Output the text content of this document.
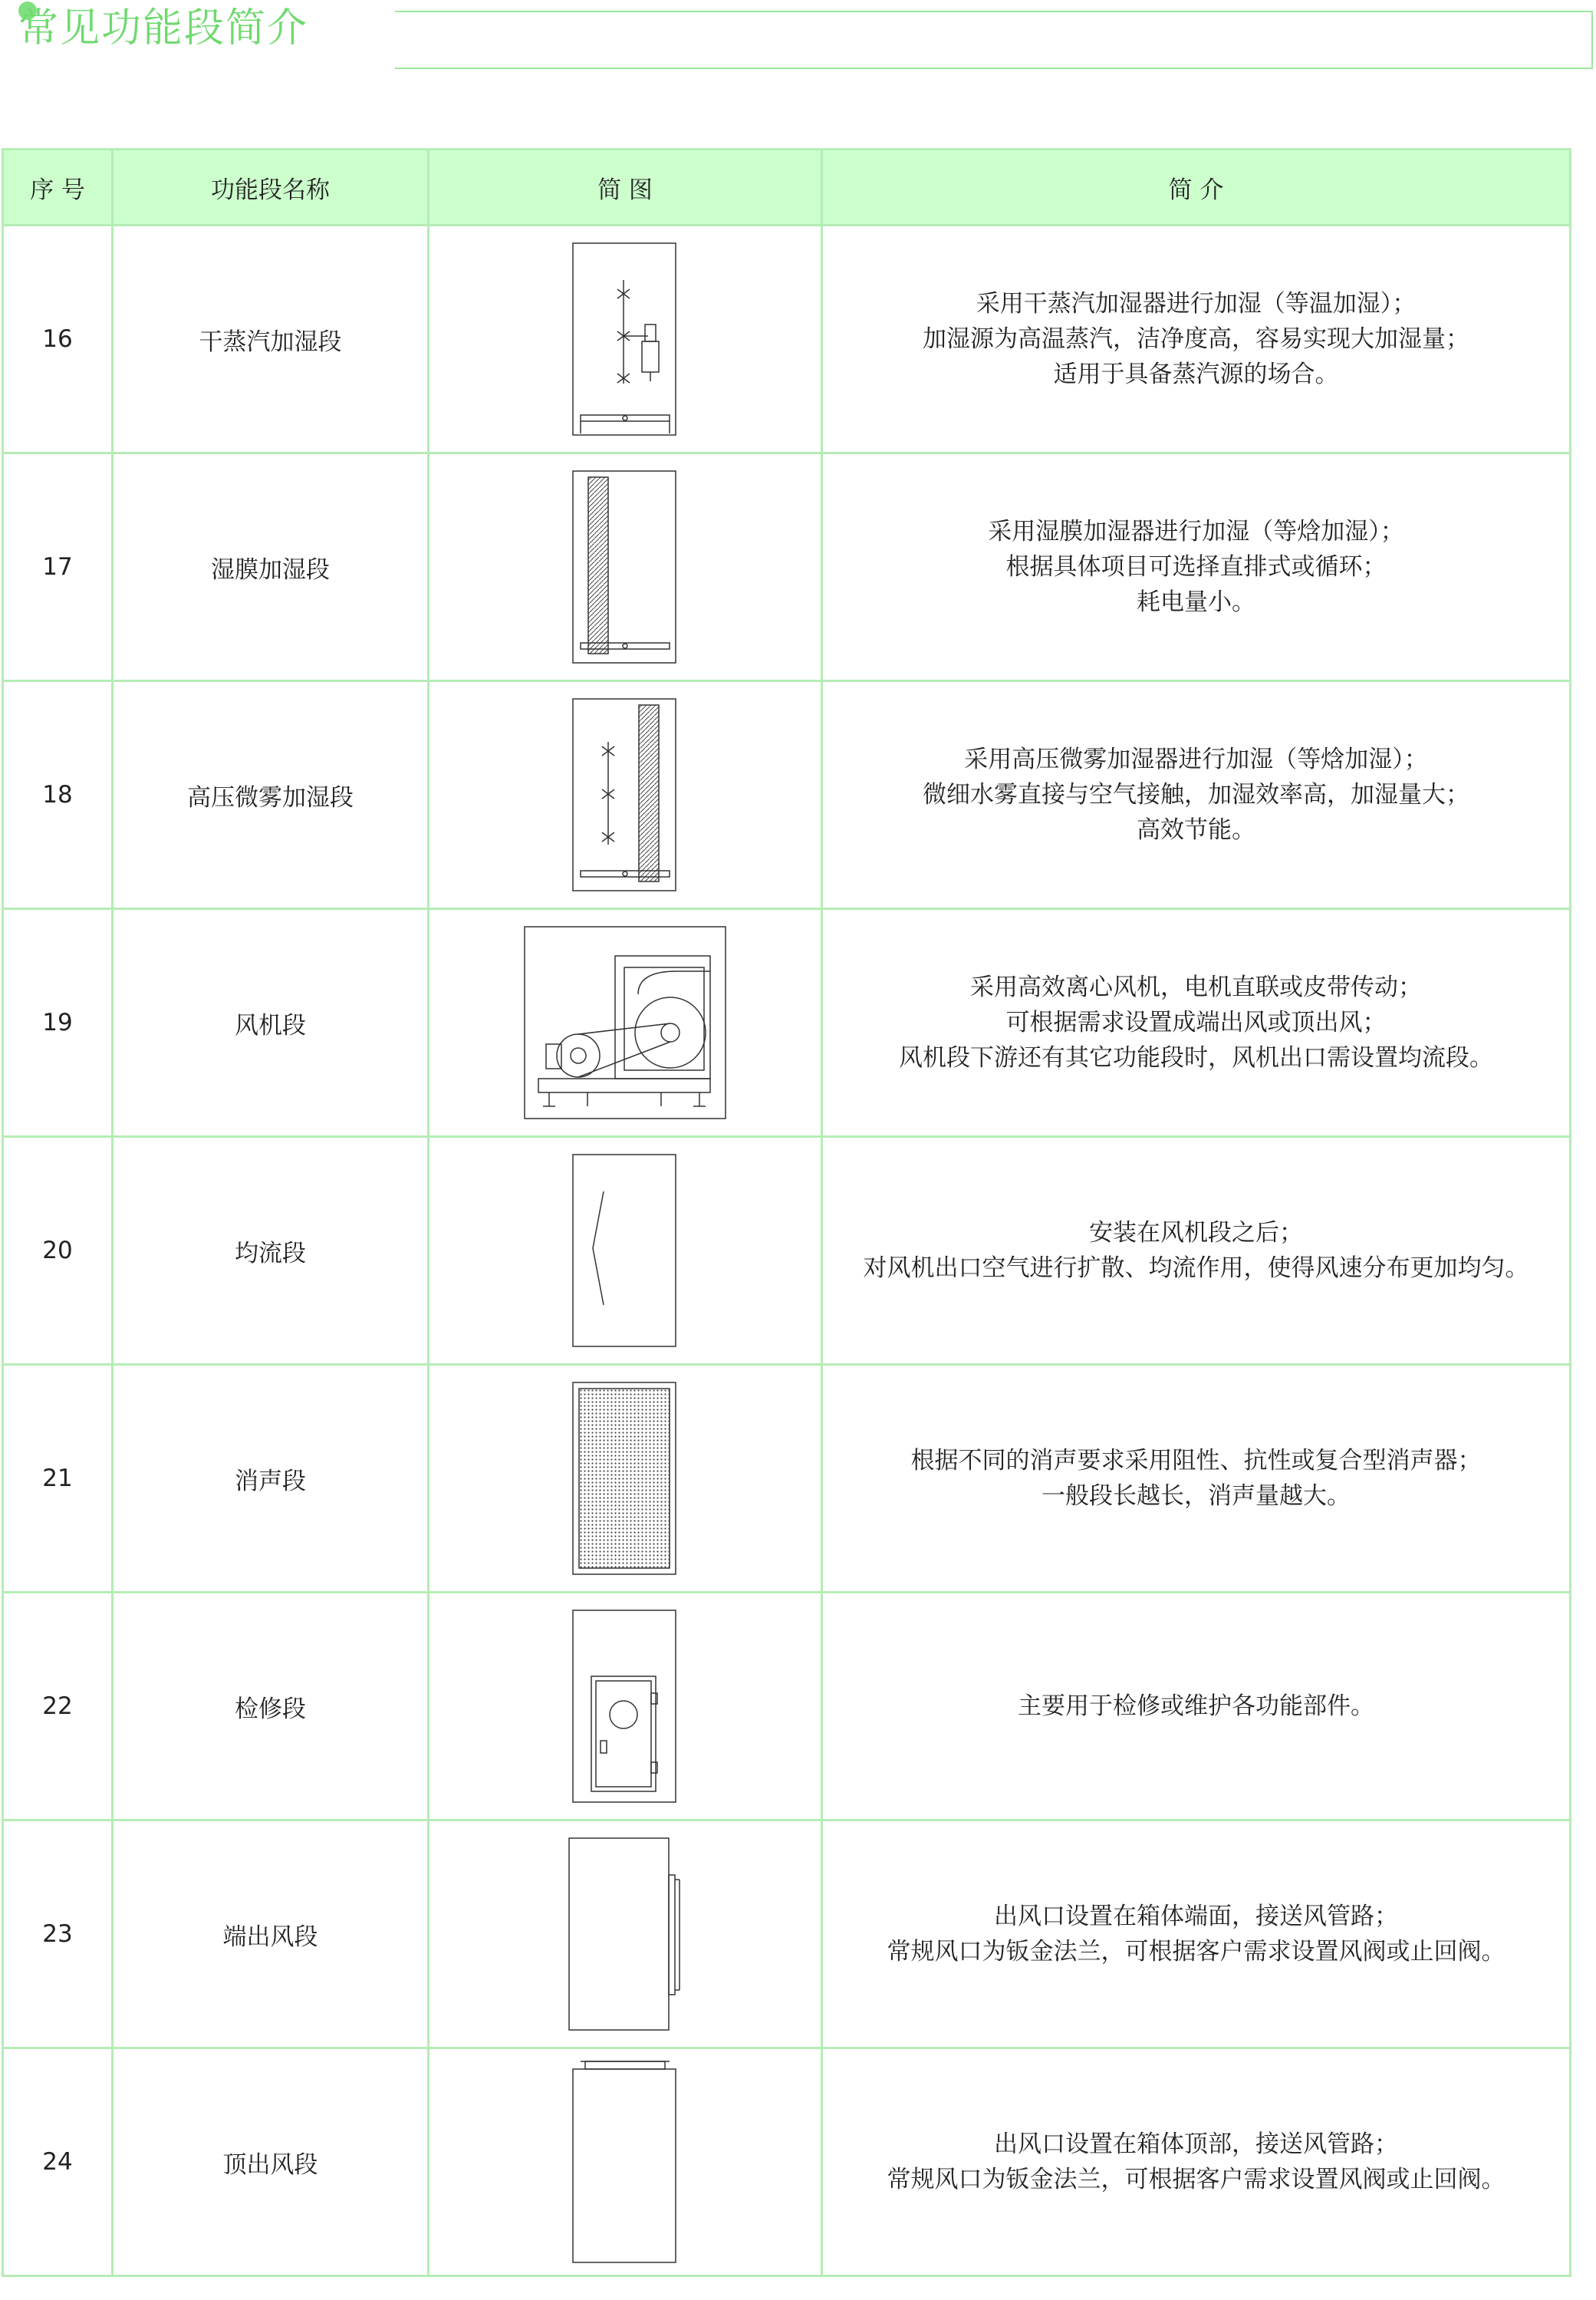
常见功能段简介
序 号	功能段名称	简 图	简 介
16	干蒸汽加湿段		采用干蒸汽加湿器进行加湿（等温加湿）；
加湿源为高温蒸汽，洁净度高，容易实现大加湿量；
适用于具备蒸汽源的场合。

17	湿膜加湿段		采用湿膜加湿器进行加湿（等焓加湿）；
根据具体项目可选择直排式或循环；
耗电量小。

18	高压微雾加湿段		采用高压微雾加湿器进行加湿（等焓加湿）；
微细水雾直接与空气接触，加湿效率高，加湿量大；
高效节能。

19	风机段		采用高效离心风机，电机直联或皮带传动；
可根据需求设置成端出风或顶出风；
风机段下游还有其它功能段时，风机出口需设置均流段。

20	均流段		安装在风机段之后；
对风机出口空气进行扩散、均流作用，使得风速分布更加均匀。

21	消声段		根据不同的消声要求采用阻性、抗性或复合型消声器；
一般段长越长，消声量越大。

22	检修段		主要用于检修或维护各功能部件。

23	端出风段		出风口设置在箱体端面，接送风管路；
常规风口为钣金法兰，可根据客户需求设置风阀或止回阀。

24	顶出风段		出风口设置在箱体顶部，接送风管路；
常规风口为钣金法兰，可根据客户需求设置风阀或止回阀。
